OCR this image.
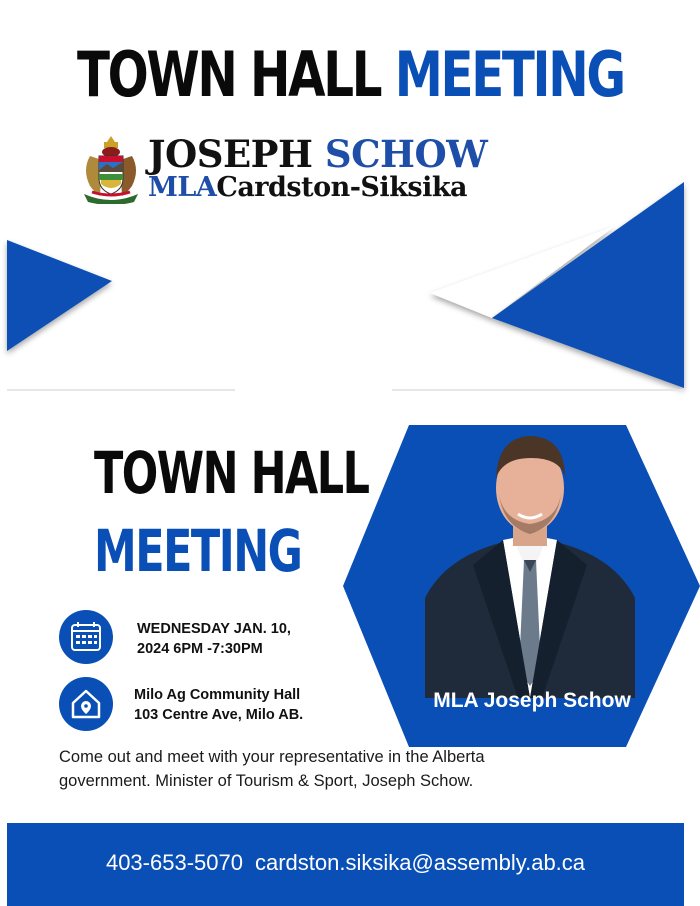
TOWN HALL MEETING
JOSEPH SCHOW
MLACardston-Siksika
MLA Joseph Schow
TOWN HALL
MEETING
WEDNESDAY JAN. 10,
2024 6PM -7:30PM
Milo Ag Community Hall
103 Centre Ave, Milo AB.
Come out and meet with your representative in the Alberta government. Minister of Tourism & Sport, Joseph Schow.
403-653-5070 cardston.siksika@assembly.ab.ca
